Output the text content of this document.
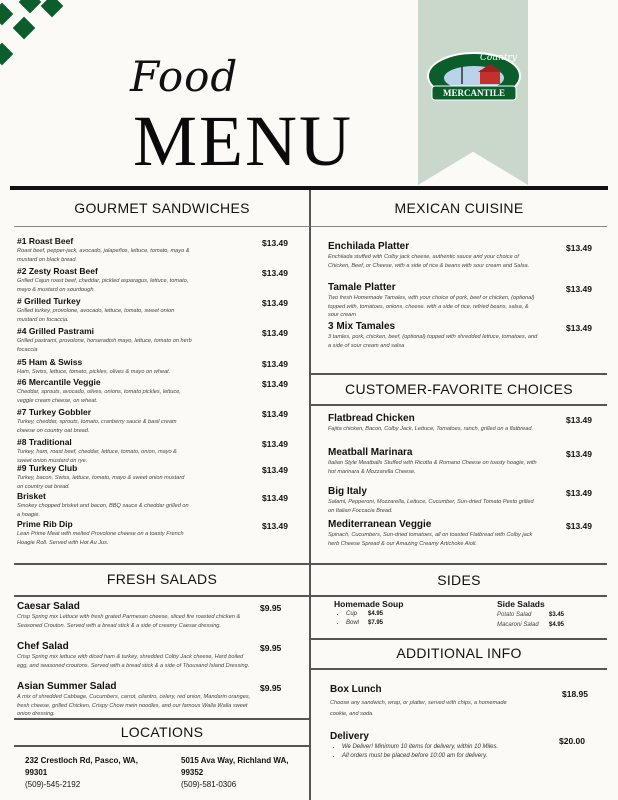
Food
MENU
Country
MERCANTILE
GOURMET SANDWICHES	MEXICAN CUISINE
CUSTOMER-FAVORITE CHOICES
FRESH SALADS	SIDES
ADDITIONAL INFO
LOCATIONS
#1 Roast Beef
Roast beef, pepper-jack, avocado, jalapeños, lettuce, tomato, mayo & mustard on black bread.
$13.49
#2 Zesty Roast Beef
Grilled Cajun roast beef, cheddar, pickled asparagus, lettuce, tomato, mayo & mustard on sourdough.
$13.49
# Grilled Turkey
Grilled turkey, provolone, avocado, lettuce, tomato, sweet onion mustard on focaccia.
$13.49
#4 Grilled Pastrami
Grilled pastrami, provolone, horseradish mayo, lettuce, tomato on herb focaccia
$13.49
#5 Ham & Swiss
Ham, Swiss, lettuce, tomato, pickles, olives & mayo on wheat.
$13.49
#6 Mercantile Veggie
Cheddar, sprouts, avocado, olives, onions, tomato pickles, lettuce, veggie cream cheese, on wheat.
$13.49
#7 Turkey Gobbler
Turkey, cheddar, sprouts, tomato, cranberry sauce & basil cream cheese on country oat bread.
$13.49
#8 Traditional
Turkey, ham, roast beef, cheddar, lettuce, tomato, onion, mayo & sweet onion mustard on rye.
$13.49
#9 Turkey Club
Turkey, bacon, Swiss, lettuce, tomato, mayo & sweet onion mustard on country oat bread.
$13.49
Brisket
Smokey chopped brisket and bacon, BBQ sauce & cheddar grilled on a hoagie.
$13.49
Prime Rib Dip
Lean Prime Meat with melted Provolone cheese on a toasty French Hoagie Roll. Served with Hot Au Jus.
$13.49
Enchilada Platter
Enchilada stuffed with Colby jack cheese, authentic sauce and your choice of Chicken, Beef, or Cheese, with a side of rice & beans with sour cream and Salsa.
$13.49
Tamale Platter
Two fresh Homemade Tamales, with your choice of pork, beef or chicken, (optional) topped with, tomatoes, onions, cheese. with a side of rice, refried beans, salsa, & sour cream
$13.49
3 Mix Tamales
3 tamles, pork, chicken, beef, (optional) topped with shredded lettuce, tomatoes, and a side of sour cream and salsa
$13.49
Flatbread Chicken
Fajita chicken, Bacon, Colby Jack, Lettuce, Tomatoes, ranch, grilled on a flatbread.
$13.49
Meatball Marinara
Italian Style Meatballs Stuffed with Ricotta & Romano Cheese on toasty hoagie, with hot marinara & Mozzarella Cheese.
$13.49
Big Italy
Salami, Pepperoni, Mozzarella, Lettuce, Cucumber, Sun-dried Tomato Pesto grilled on Italian Foccacia Bread.
$13.49
Mediterranean Veggie
Spinach, Cucumbers, Sun-dried tomatoes, all on toasted Flatbread with Colby jack herb Cheese Spread & our Amazing Creamy Artichoke Aioli.
$13.49
Caesar Salad
Crisp Spring mix Lettuce with fresh grated Parmesan cheese, sliced fire roasted chicken & Seasoned Crouton. Served with a bread stick & a side of creamy Caesar dressing.
$9.95
Chef Salad
Crisp Spring mix lettuce with diced ham & turkey, shredded Colby Jack cheese, Hard boiled egg, and seasoned croutons. Served with a bread stick & a side of Thousand Island Dressing.
$9.95
Asian Summer Salad
A mix of shredded Cabbage, Cucumbers, carrot, cilantro, celery, red onion, Mandarin oranges, fresh cheese, grilled Chicken, Crispy Chow mein noodles, and our famous Walla Walla sweet onion dressing.
$9.95
Homemade Soup
• Cup $4.95
• Bowl $7.95
Side Salads
Potato Salad	$3.45
Macaroni Salad $4.95
Box Lunch
Choose any sandwich, wrap, or platter, served with chips, a homemade cookie, and soda.
$18.95
Delivery
• We Deliver! Minimum 10 items for delivery, within 10 Miles.
• All orders must be placed before 10:00 am for delivery.
$20.00
232 Crestloch Rd, Pasco, WA,
99301
(509)-545-2192
5015 Ava Way, Richland WA,
99352
(509)-581-0306
